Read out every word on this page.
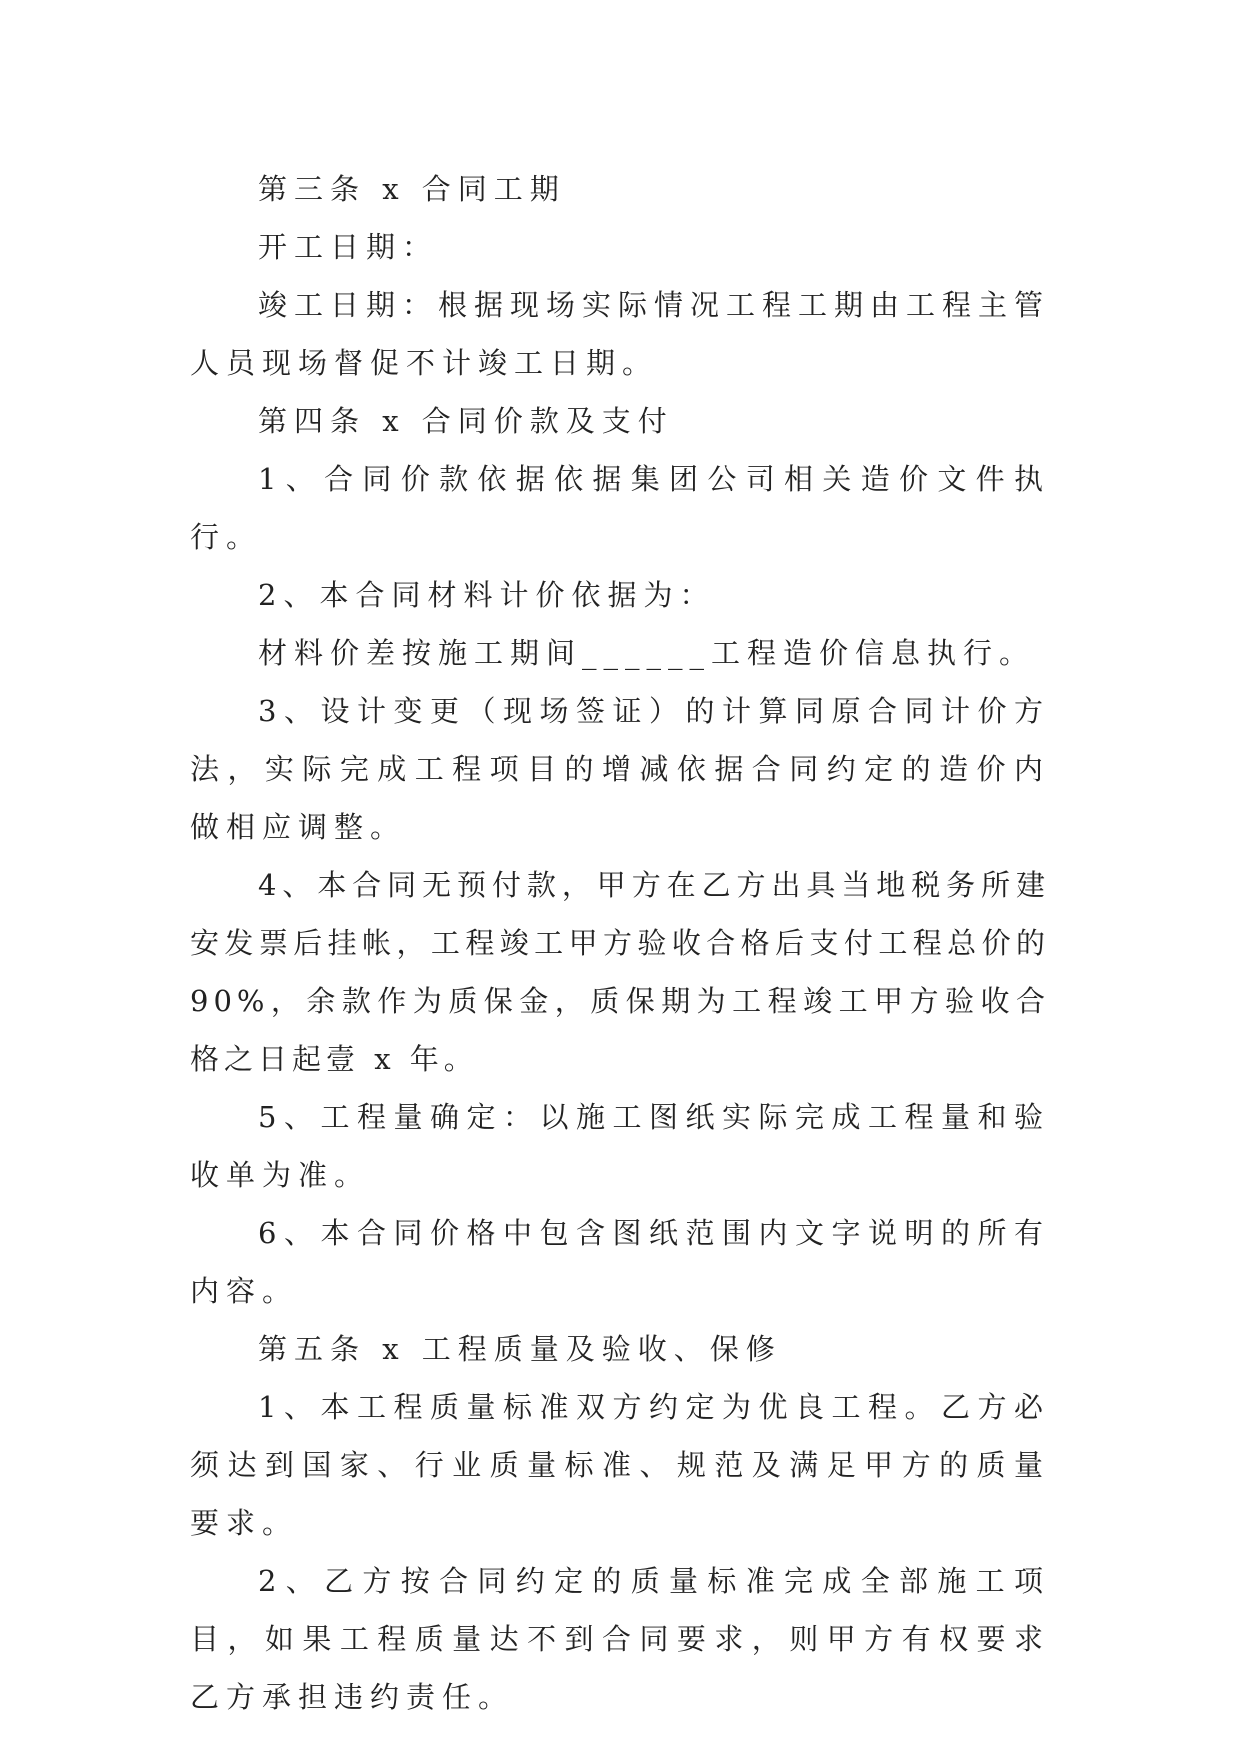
第三条 x 合同工期

开工日期：

竣工日期：根据现场实际情况工程工期由工程主管人员现场督促不计竣工日期。

第四条 x 合同价款及支付

1、合同价款依据依据集团公司相关造价文件执行。

2、本合同材料计价依据为：

材料价差按施工期间______工程造价信息执行。

3、设计变更（现场签证）的计算同原合同计价方法，实际完成工程项目的增减依据合同约定的造价内做相应调整。

4、本合同无预付款，甲方在乙方出具当地税务所建安发票后挂帐，工程竣工甲方验收合格后支付工程总价的 90%，余款作为质保金，质保期为工程竣工甲方验收合格之日起壹 x 年。

5、工程量确定：以施工图纸实际完成工程量和验收单为准。

6、本合同价格中包含图纸范围内文字说明的所有内容。

第五条 x 工程质量及验收、保修

1、本工程质量标准双方约定为优良工程。乙方必须达到国家、行业质量标准、规范及满足甲方的质量要求。

2、乙方按合同约定的质量标准完成全部施工项目，如果工程质量达不到合同要求，则甲方有权要求乙方承担违约责任。
